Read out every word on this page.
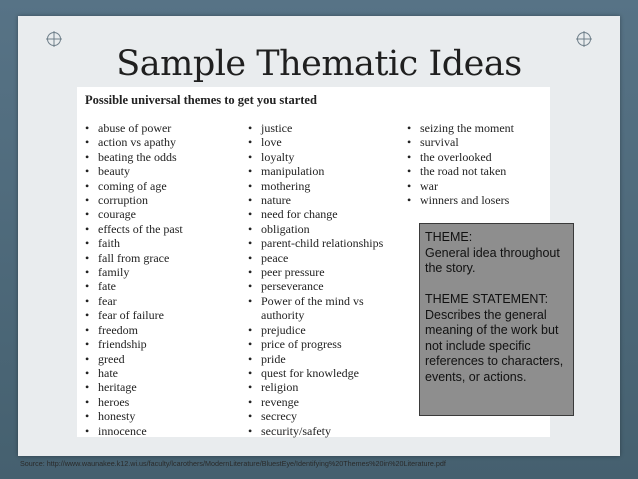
Sample Thematic Ideas
Possible universal themes to get you started
• abuse of power
• action vs apathy
• beating the odds
• beauty
• coming of age
• corruption
• courage
• effects of the past
• faith
• fall from grace
• family
• fate
• fear
• fear of failure
• freedom
• friendship
• greed
• hate
• heritage
• heroes
• honesty
• innocence
• justice
• love
• loyalty
• manipulation
• mothering
• nature
• need for change
• obligation
• parent-child relationships
• peace
• peer pressure
• perseverance
• Power of the mind vs authority
• prejudice
• price of progress
• pride
• quest for knowledge
• religion
• revenge
• secrecy
• security/safety
• seizing the moment
• survival
• the overlooked
• the road not taken
• war
• winners and losers

THEME:

General idea throughout the story.

THEME STATEMENT:

Describes the general meaning of the work but not include specific references to characters, events, or actions.

Source: http://www.waunakee.k12.wi.us/faculty/lcarothers/ModernLiterature/BluestEye/Identifying%20Themes%20in%20Literature.pdf
